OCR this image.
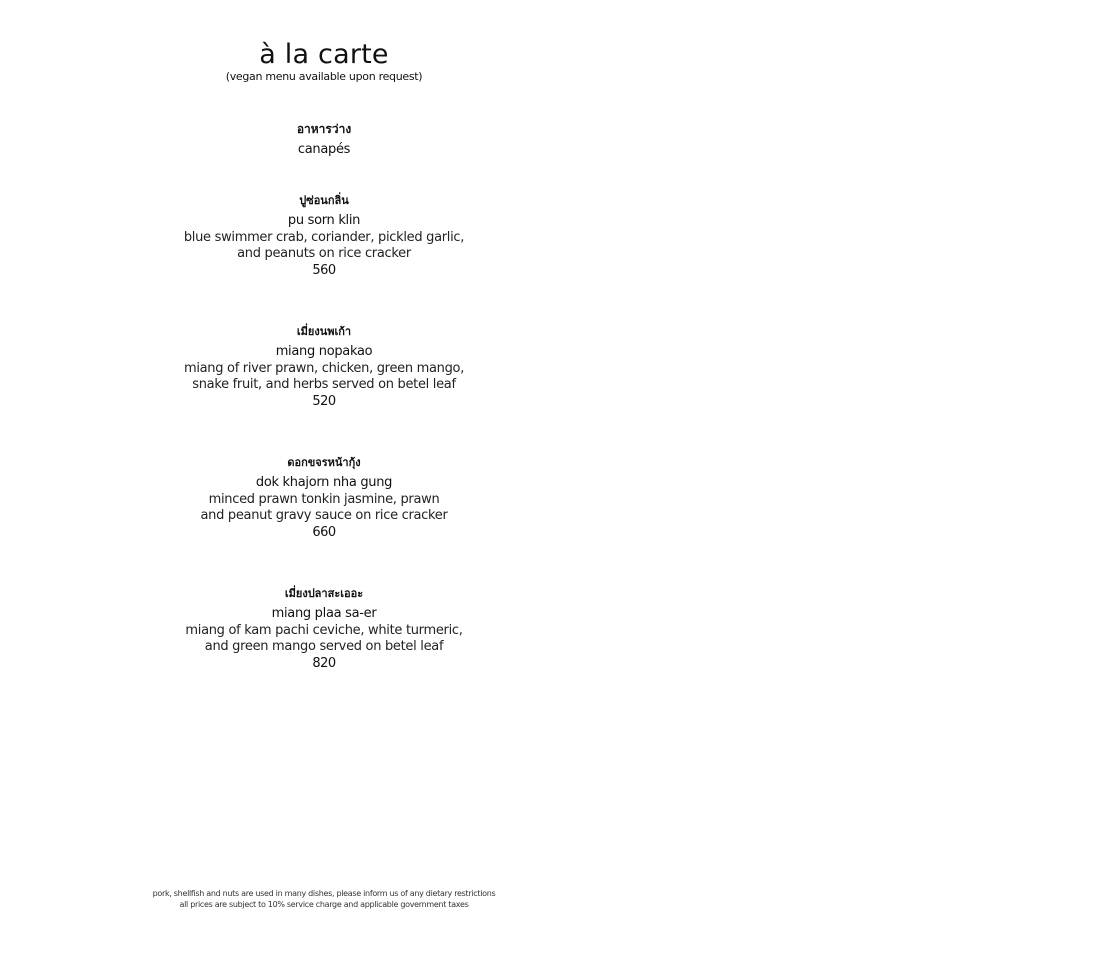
à la carte
(vegan menu available upon request)
อาหารว่าง
canapés
ปูซ่อนกลิ่น
pu sorn klin
blue swimmer crab, coriander, pickled garlic,
and peanuts on rice cracker
560
เมี่ยงนพเก้า
miang nopakao
miang of river prawn, chicken, green mango,
snake fruit, and herbs served on betel leaf
520
ดอกขจรหน้ากุ้ง
dok khajorn nha gung
minced prawn tonkin jasmine, prawn
and peanut gravy sauce on rice cracker
660
เมี่ยงปลาสะเออะ
miang plaa sa-er
miang of kam pachi ceviche, white turmeric,
and green mango served on betel leaf
820
pork, shellfish and nuts are used in many dishes, please inform us of any dietary restrictions
all prices are subject to 10% service charge and applicable government taxes
